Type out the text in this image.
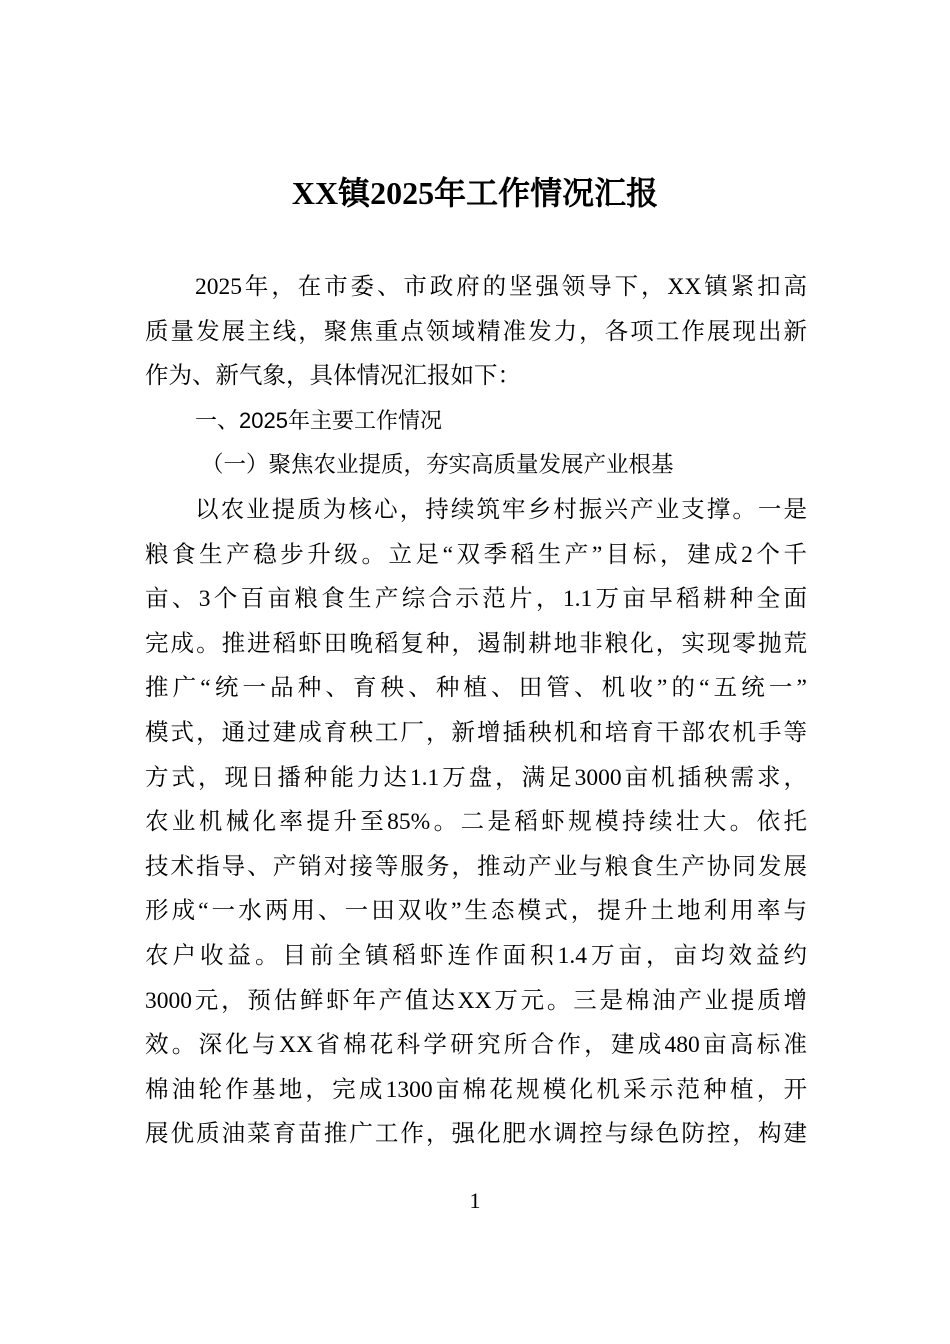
XX镇2025年工作情况汇报
2025年，在市委、市政府的坚强领导下，XX镇紧扣高
质量发展主线，聚焦重点领域精准发力，各项工作展现出新
作为、新气象，具体情况汇报如下：
一、2025年主要工作情况
（一）聚焦农业提质，夯实高质量发展产业根基
以农业提质为核心，持续筑牢乡村振兴产业支撑。一是
粮食生产稳步升级。立足“双季稻生产”目标，建成2个千
亩、3个百亩粮食生产综合示范片，1.1万亩早稻耕种全面
完成。推进稻虾田晚稻复种，遏制耕地非粮化，实现零抛荒
推广“统一品种、育秧、种植、田管、机收”的“五统一”
模式，通过建成育秧工厂，新增插秧机和培育干部农机手等
方式，现日播种能力达1.1万盘，满足3000亩机插秧需求，
农业机械化率提升至85%。二是稻虾规模持续壮大。依托
技术指导、产销对接等服务，推动产业与粮食生产协同发展
形成“一水两用、一田双收”生态模式，提升土地利用率与
农户收益。目前全镇稻虾连作面积1.4万亩，亩均效益约
3000元，预估鲜虾年产值达XX万元。三是棉油产业提质增
效。深化与XX省棉花科学研究所合作，建成480亩高标准
棉油轮作基地，完成1300亩棉花规模化机采示范种植，开
展优质油菜育苗推广工作，强化肥水调控与绿色防控，构建
1
